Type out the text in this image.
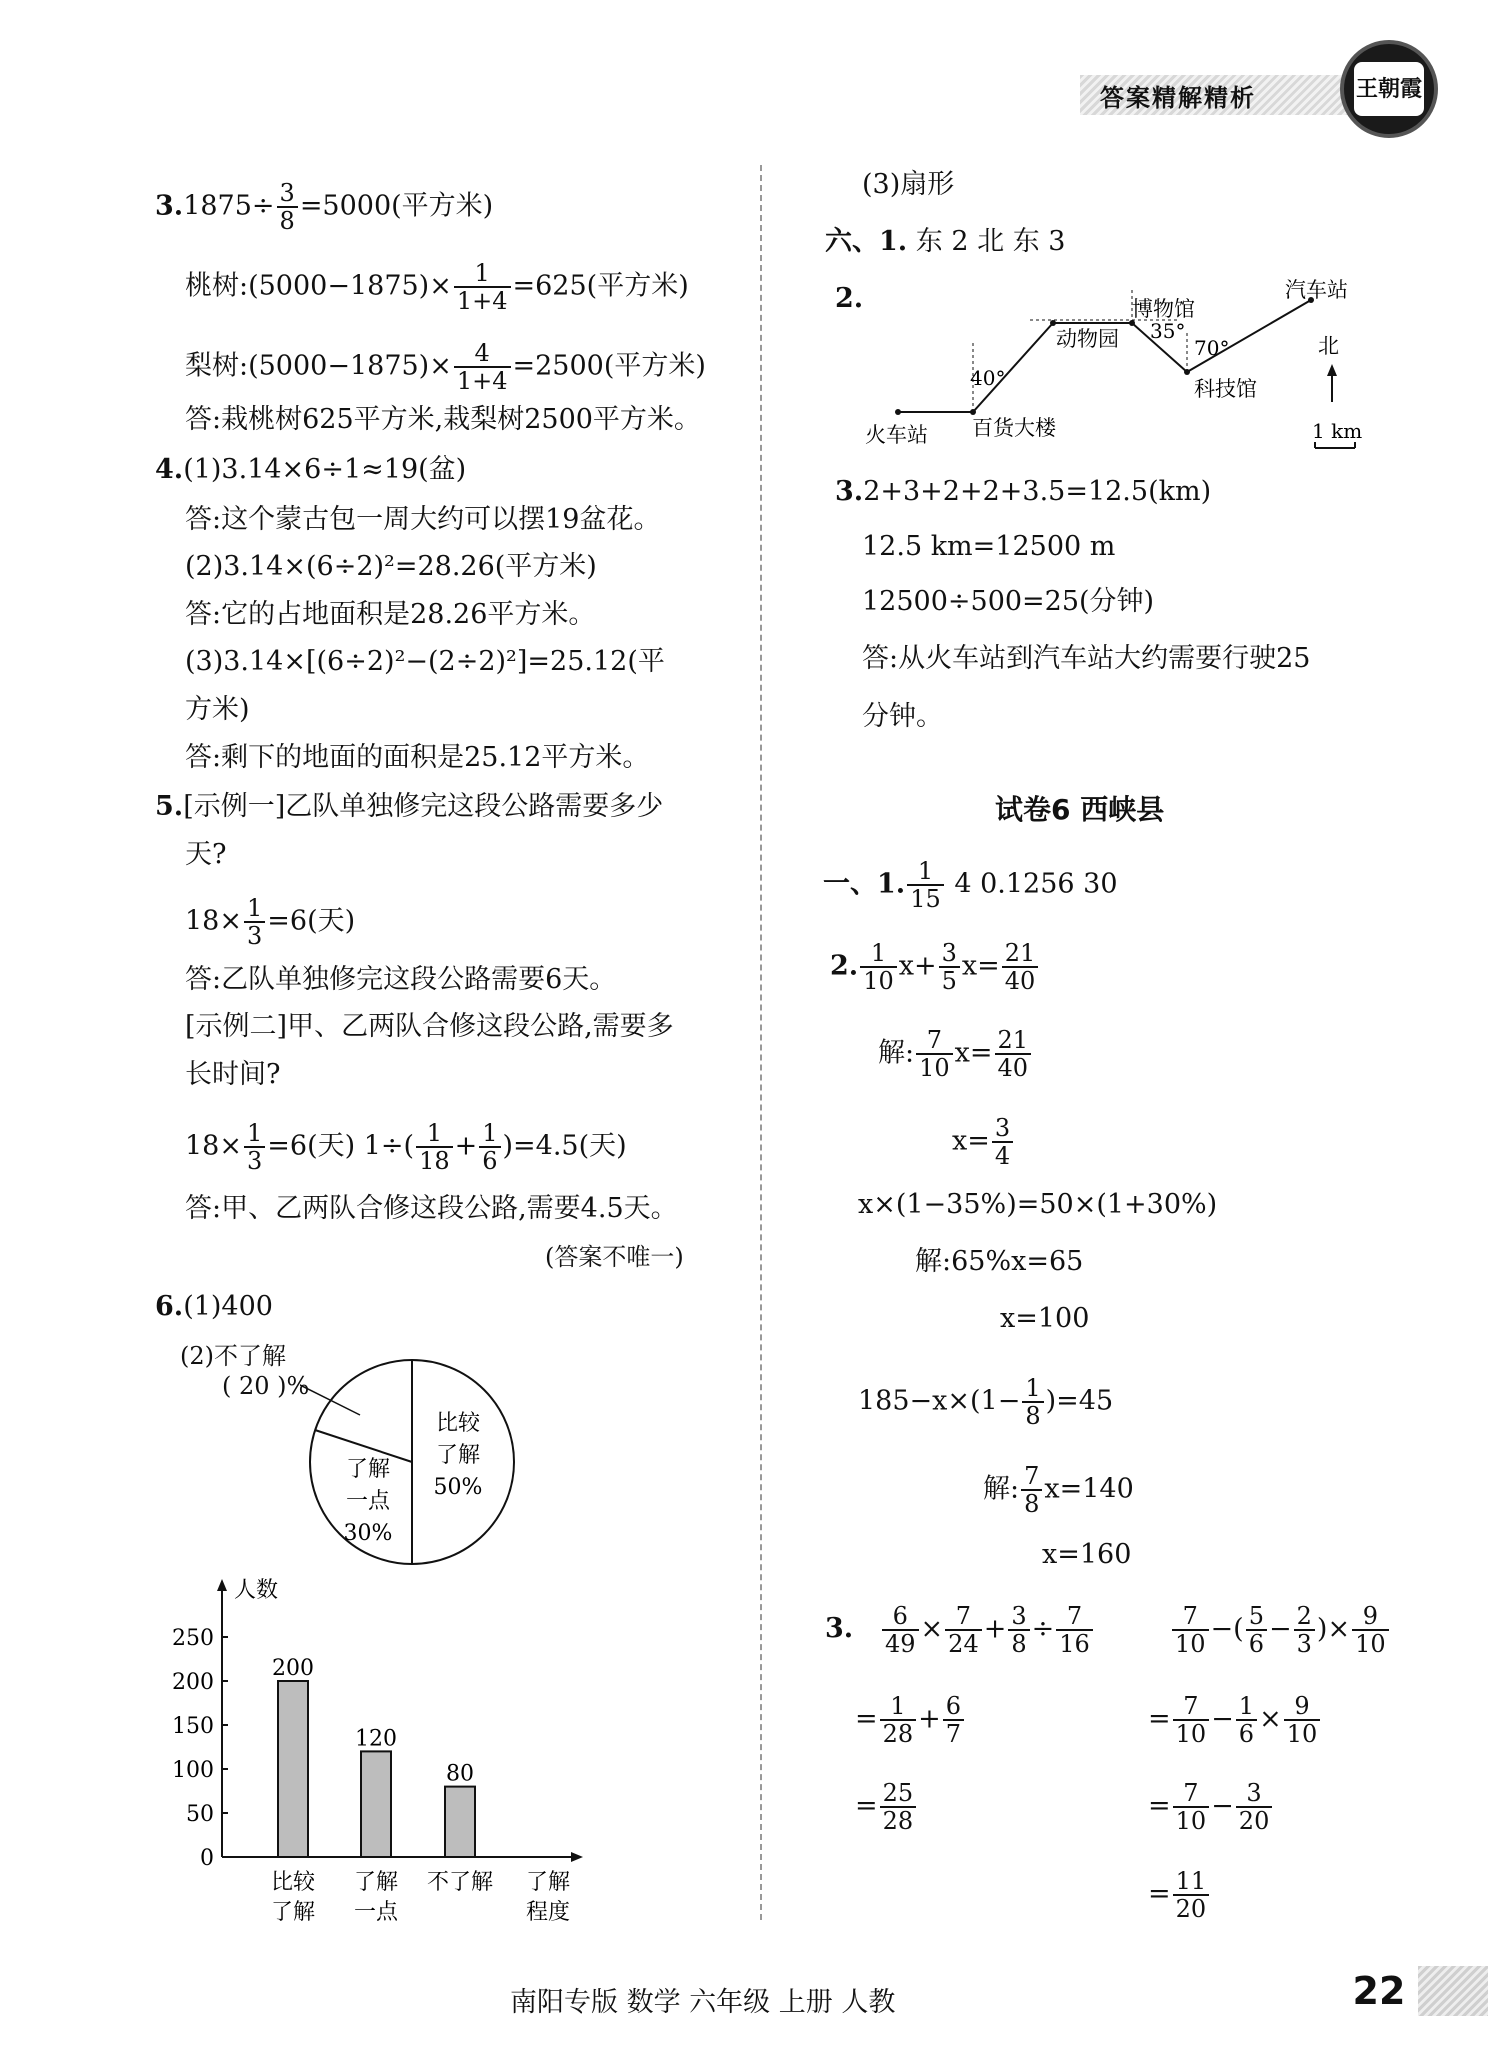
答案精解精析	王朝霞
$3.1875\div \frac{3}{8} =5000$(平方米)
桃树:(5000−1875)× $\frac{1}{1+4} =625$(平方米)
梨树:(5000−1875)× $\frac{4}{1+4} =2500$(平方米)
答:栽桃树625平方米,栽梨树2500平方米。
4.(1)3.14×6÷1≈19(盆)
答:这个蒙古包一周大约可以摆19盆花。
(2)3.14×(6÷2)²=28.26(平方米)
答:它的占地面积是28.26平方米。
(3)3.14×[(6÷2)²−(2÷2)²]=25.12(平
方米)
答:剩下的地面的面积是25.12平方米。
5.[示例一]乙队单独修完这段公路需要多少
天?
$18\times \frac{1}{3} =6$(天)
答:乙队单独修完这段公路需要6天。
[示例二]甲、乙两队合修这段公路,需要多
长时间?
$18\times \frac{1}{3} =6$(天) $1\div( \frac{1}{18} + \frac{1}{6} )=4.5$(天)
答:甲、乙两队合修这段公路,需要4.5天。
(答案不唯一)
6.(1)400
(2)不了解
( 20 )%
比较
了解
50%
了解
一点
30%
人数
0
50
100
150
200
250
200
比较
了解
120
了解
一点
80
不了解 了解
程度
(3)扇形
六、1. 东 2 北 东 3
2.	博物馆
汽车站
动物园 35°
70°	北
科技馆
40°
火车站 百货大楼	1 km
3.2+3+2+2+3.5=12.5(km)
12.5 km=12500 m
12500÷500=25(分钟)
答:从火车站到汽车站大约需要行驶25
分钟。
试卷6 西峡县
一、1. $\frac{1}{15} 4$ 0.1256 30
2. $\frac{1}{10} x+ \frac{3}{5} x= \frac{21}{40}$
解: $\frac{7}{10} x= \frac{21}{40}$
$x= \frac{3}{4}$
x×(1−35%)=50×(1+30%)
解:65%x=65
x=100
$185-x\times(1- \frac{1}{8} )=45$
解: $\frac{7}{8} x=140$
x=160
3. $\frac{6}{49} \times \frac{7}{24} + \frac{3}{8} \div \frac{7}{16}$
= $\frac{1}{28} + \frac{6}{7}$
= $\frac{25}{28}$
$\frac{7}{10}$ −( $\frac{5}{6} - \frac{2}{3}$ )× $\frac{9}{10}$
= $\frac{7}{10} - \frac{1}{6} \times \frac{9}{10}$
= $\frac{7}{10} - \frac{3}{20}$
= $\frac{11}{20}$
南阳专版 数学 六年级 上册 人教	22
